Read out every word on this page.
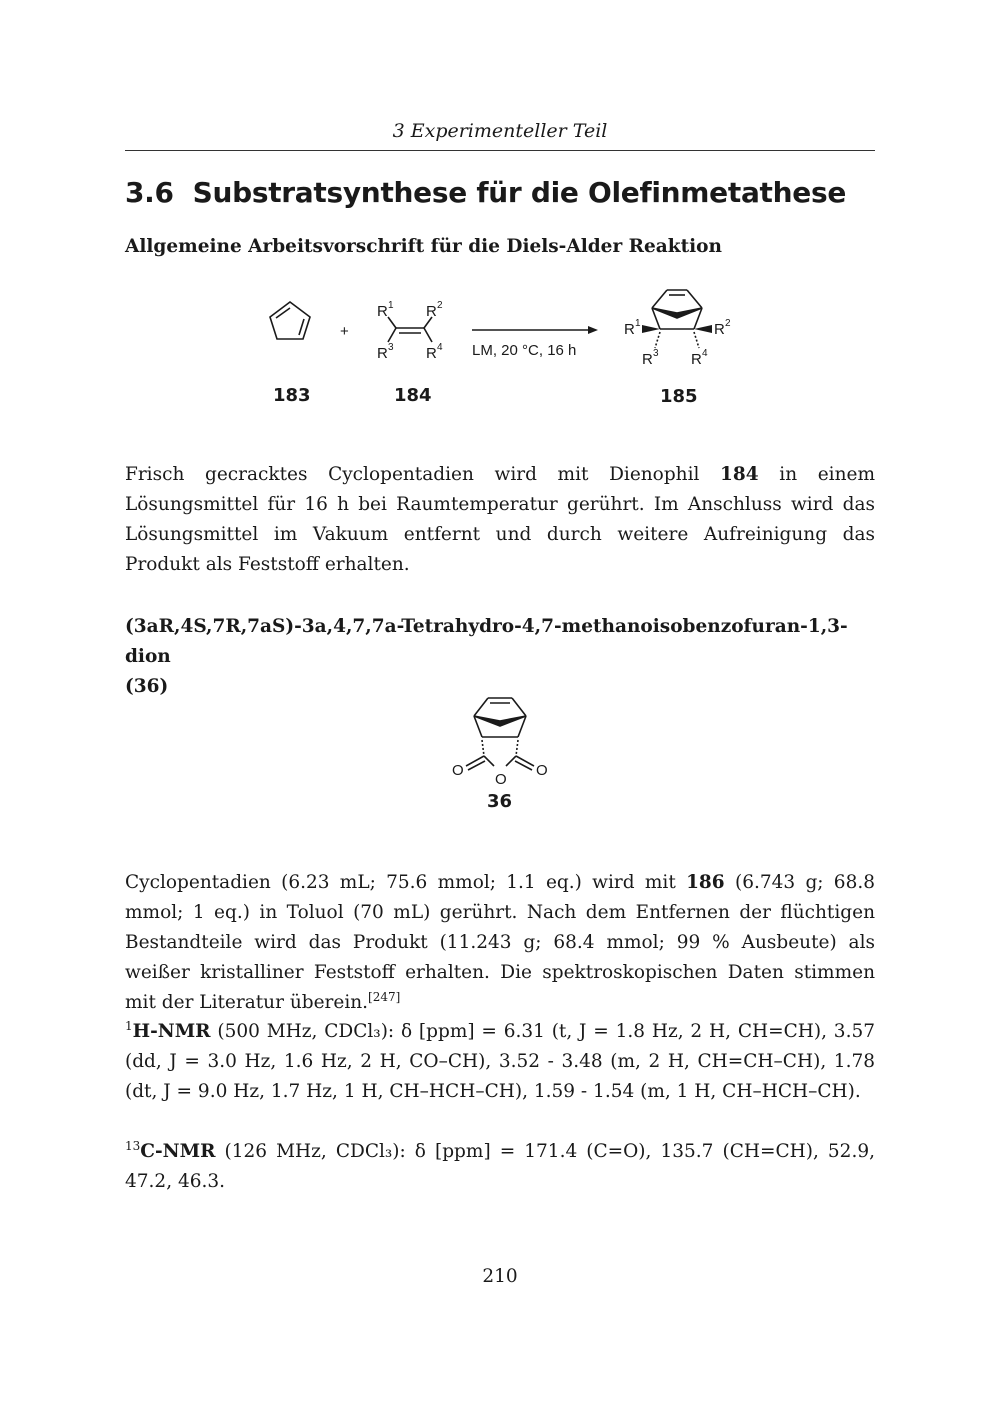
3 Experimenteller Teil
3.6 Substratsynthese für die Olefinmetathese
Allgemeine Arbeitsvorschrift für die Diels-Alder Reaktion
+
R 1 R 2
R 3 R 4 LM, 20 °C, 16 h
R 1	R 2
R 3 R 4
183	184	185
Frisch gecracktes Cyclopentadien wird mit Dienophil 184 in einem Lösungsmittel für 16 h bei Raumtemperatur gerührt. Im Anschluss wird das Lösungsmittel im Vakuum entfernt und durch weitere Aufreinigung das Produkt als Feststoff erhalten.
(3aR,4S,7R,7aS)-3a,4,7,7a-Tetrahydro-4,7-methanoisobenzofuran-1,3-dion
(36)
O
O
O
36
Cyclopentadien (6.23 mL; 75.6 mmol; 1.1 eq.) wird mit 186 (6.743 g; 68.8 mmol; 1 eq.) in Toluol (70 mL) gerührt. Nach dem Entfernen der flüchtigen Bestandteile wird das Produkt (11.243 g; 68.4 mmol; 99 % Ausbeute) als weißer kristalliner Feststoff erhalten. Die spektroskopischen Daten stimmen mit der Literatur überein.[247]
$^1$H-NMR (500 MHz, CDCl₃): δ [ppm] = 6.31 (t, J = 1.8 Hz, 2 H, CH=CH), 3.57 (dd, J = 3.0 Hz, 1.6 Hz, 2 H, CO–CH), 3.52 - 3.48 (m, 2 H, CH=CH–CH), 1.78 (dt, J = 9.0 Hz, 1.7 Hz, 1 H, CH–HCH–CH), 1.59 - 1.54 (m, 1 H, CH–HCH–CH).
$^{13}$C-NMR (126 MHz, CDCl₃): δ [ppm] = 171.4 (C=O), 135.7 (CH=CH), 52.9, 47.2, 46.3.
210
